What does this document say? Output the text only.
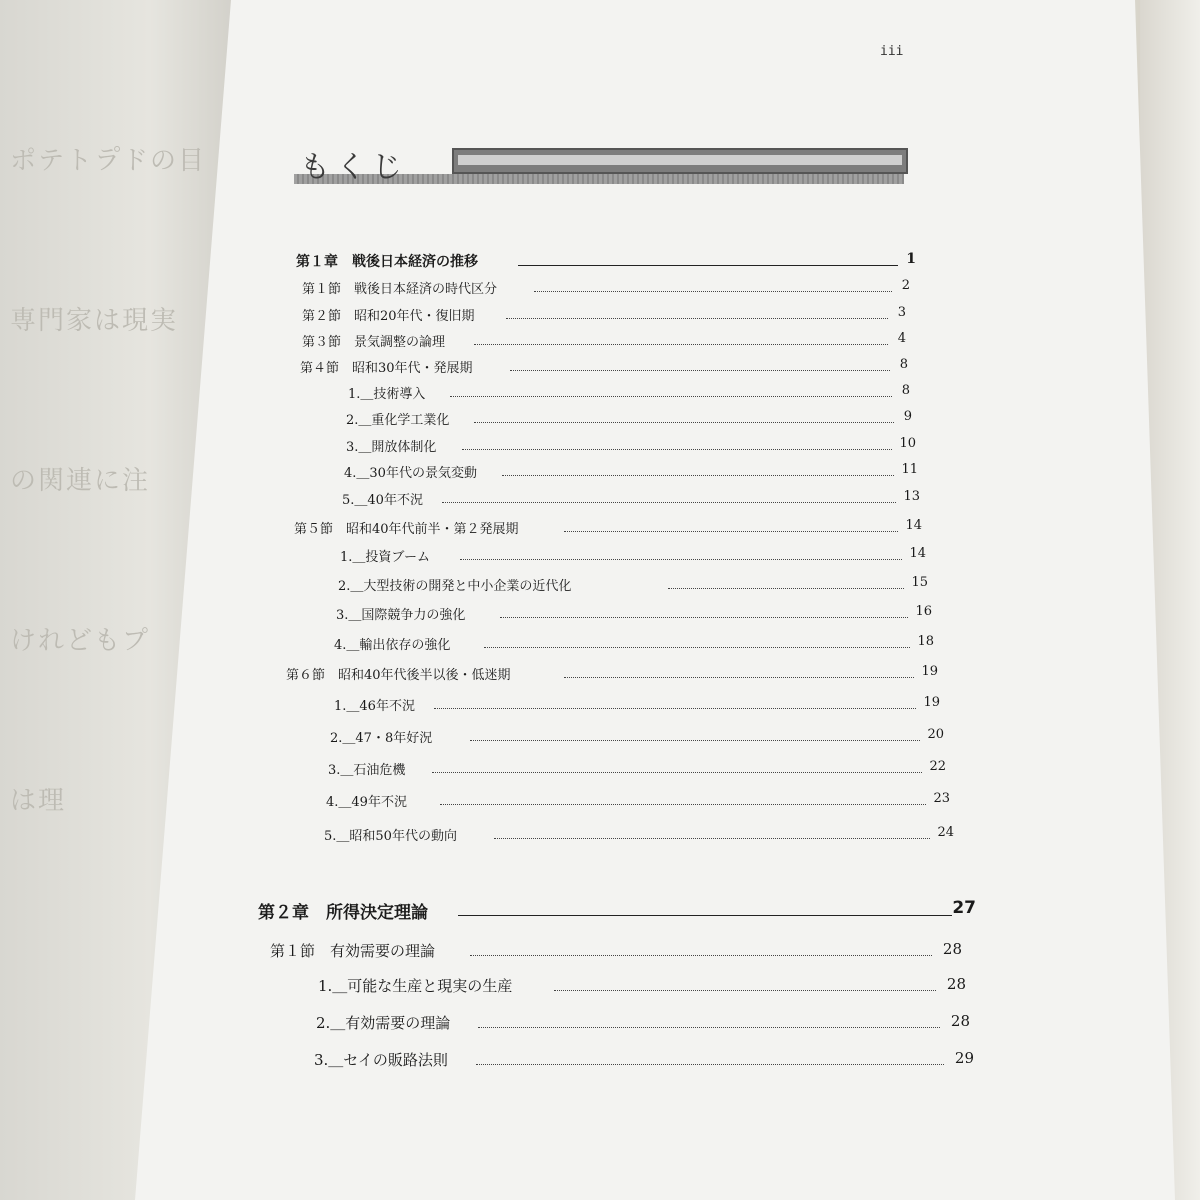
ポテトラ゚ドの目
専門家は現実
の関連に注
けれどもプ
は理
iii
もくじ
第１章　戦後日本経済の推移	1
第１節　戦後日本経済の時代区分	2
第２節　昭和20年代・復旧期	3
第３節　景気調整の論理	4
第４節　昭和30年代・発展期	8
1.＿技術導入	8
2.＿重化学工業化	9
3.＿開放体制化	10
4.＿30年代の景気変動	11
5.＿40年不況	13
第５節　昭和40年代前半・第２発展期	14
1.＿投資ブーム	14
2.＿大型技術の開発と中小企業の近代化	15
3.＿国際競争力の強化	16
4.＿輸出依存の強化	18
第６節　昭和40年代後半以後・低迷期	19
1.＿46年不況	19
2.＿47・8年好況	20
3.＿石油危機	22
4.＿49年不況	23
5.＿昭和50年代の動向	24
第２章　所得決定理論	27
第１節　有効需要の理論	28
1.＿可能な生産と現実の生産	28
2.＿有効需要の理論	28
3.＿セイの販路法則	29
